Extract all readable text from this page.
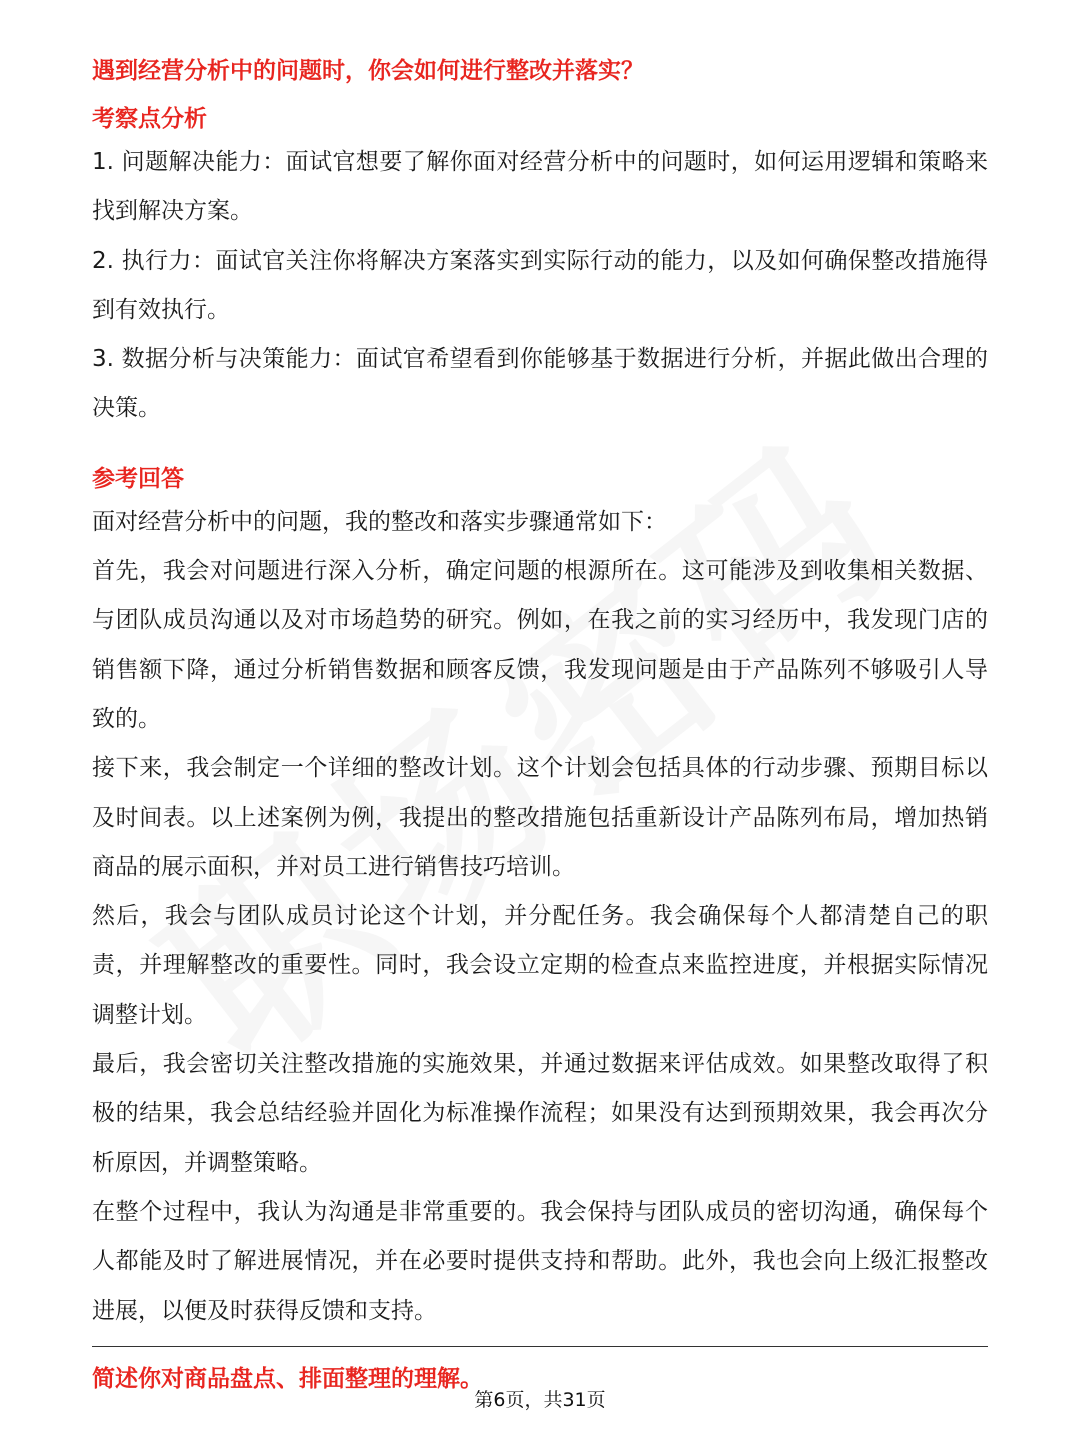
遇到经营分析中的问题时，你会如何进行整改并落实？

考察点分析

1. 问题解决能力：面试官想要了解你面对经营分析中的问题时，如何运用逻辑和策略来找到解决方案。

2. 执行力：面试官关注你将解决方案落实到实际行动的能力，以及如何确保整改措施得到有效执行。

3. 数据分析与决策能力：面试官希望看到你能够基于数据进行分析，并据此做出合理的决策。

参考回答

面对经营分析中的问题，我的整改和落实步骤通常如下：

首先，我会对问题进行深入分析，确定问题的根源所在。这可能涉及到收集相关数据、与团队成员沟通以及对市场趋势的研究。例如，在我之前的实习经历中，我发现门店的销售额下降，通过分析销售数据和顾客反馈，我发现问题是由于产品陈列不够吸引人导致的。

接下来，我会制定一个详细的整改计划。这个计划会包括具体的行动步骤、预期目标以及时间表。以上述案例为例，我提出的整改措施包括重新设计产品陈列布局，增加热销商品的展示面积，并对员工进行销售技巧培训。

然后，我会与团队成员讨论这个计划，并分配任务。我会确保每个人都清楚自己的职责，并理解整改的重要性。同时，我会设立定期的检查点来监控进度，并根据实际情况调整计划。

最后，我会密切关注整改措施的实施效果，并通过数据来评估成效。如果整改取得了积极的结果，我会总结经验并固化为标准操作流程；如果没有达到预期效果，我会再次分析原因，并调整策略。

在整个过程中，我认为沟通是非常重要的。我会保持与团队成员的密切沟通，确保每个人都能及时了解进展情况，并在必要时提供支持和帮助。此外，我也会向上级汇报整改进展，以便及时获得反馈和支持。

简述你对商品盘点、排面整理的理解。
第6页，共31页
